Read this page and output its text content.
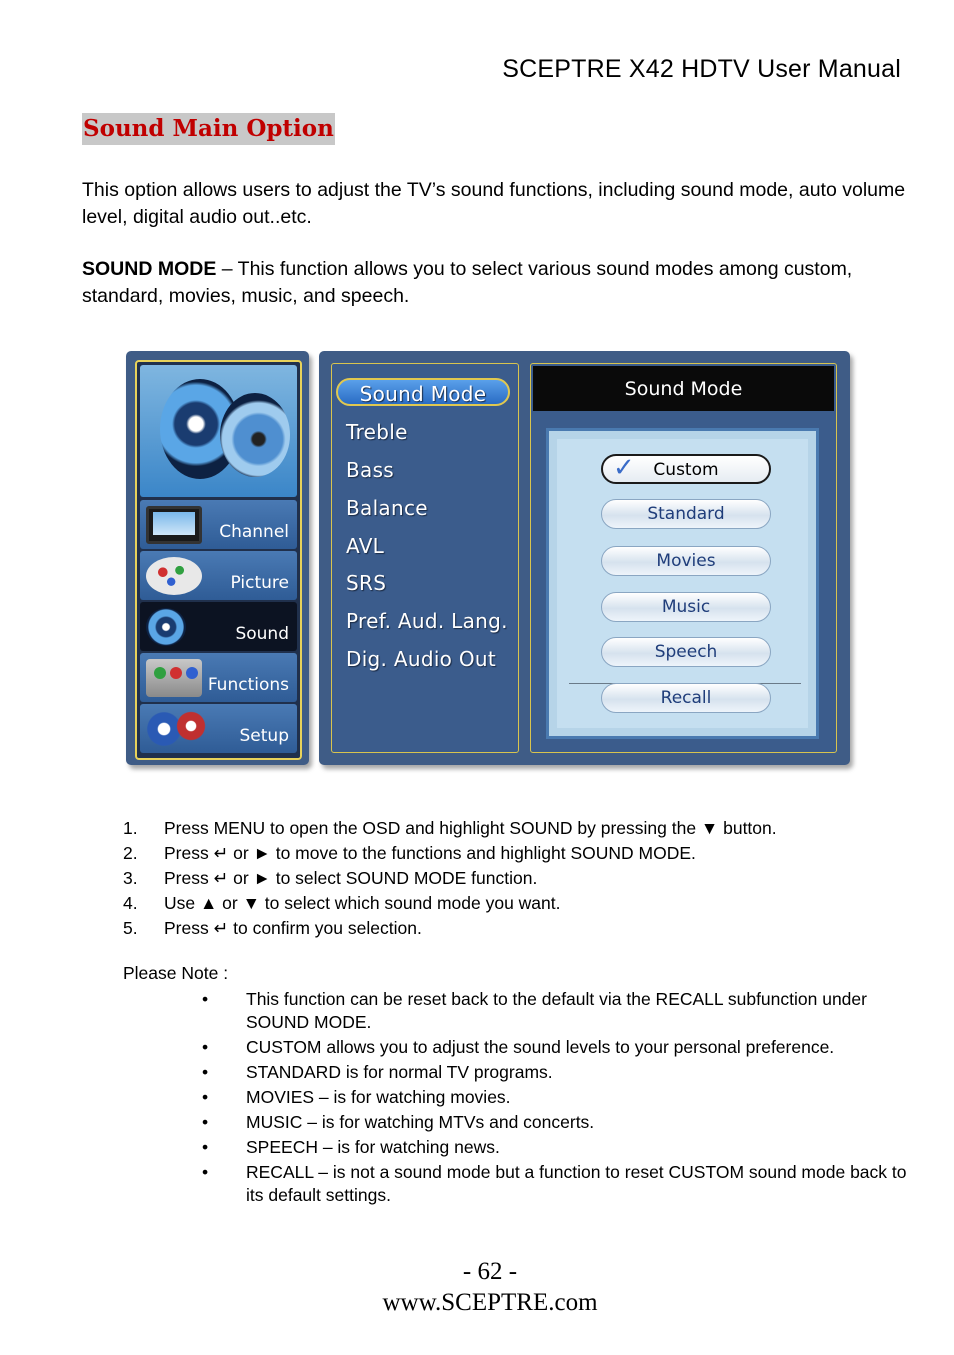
SCEPTRE X42 HDTV User Manual
Sound Main Option
This option allows users to adjust the TV’s sound functions, including sound mode, auto volume level, digital audio out..etc.
SOUND MODE – This function allows you to select various sound modes among custom, standard, movies, music, and speech.
Channel
Picture
Sound
Functions
Setup
Sound Mode
Treble
Bass
Balance
AVL
SRS
Pref. Aud. Lang.
Dig. Audio Out
Sound Mode
✓ Custom
Standard
Movies
Music
Speech
Recall
1. Press MENU to open the OSD and highlight SOUND by pressing the ▼ button.
2. Press ↵ or ► to move to the functions and highlight SOUND MODE.
3. Press ↵ or ► to select SOUND MODE function.
4. Use ▲ or ▼ to select which sound mode you want.
5. Press ↵ to confirm you selection.
Please Note :
• This function can be reset back to the default via the RECALL subfunction under SOUND MODE.
• CUSTOM allows you to adjust the sound levels to your personal preference.
• STANDARD is for normal TV programs.
• MOVIES – is for watching movies.
• MUSIC – is for watching MTVs and concerts.
• SPEECH – is for watching news.
• RECALL – is not a sound mode but a function to reset CUSTOM sound mode back to its default settings.
- 62 -
www.SCEPTRE.com
